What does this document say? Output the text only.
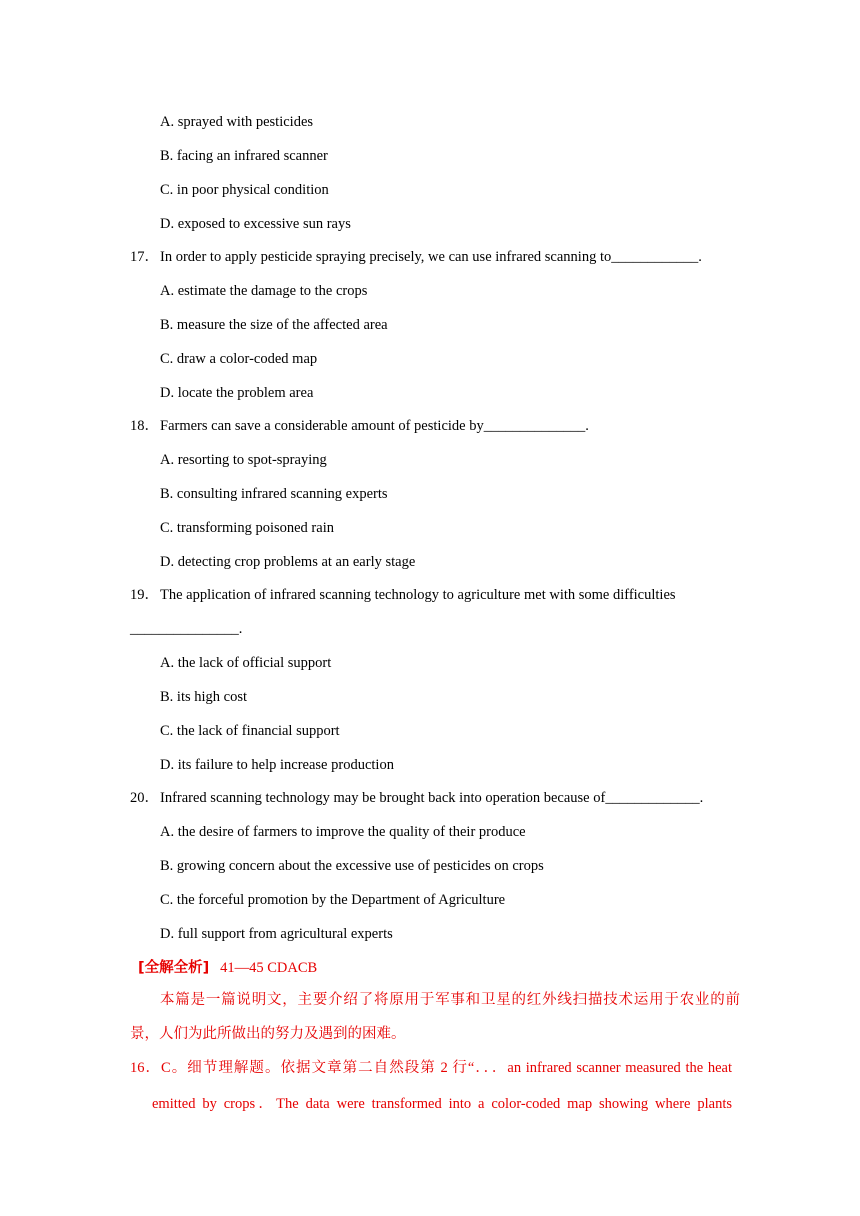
A. sprayed with pesticides
B. facing an infrared scanner
C. in poor physical condition
D. exposed to excessive sun rays
17．In order to apply pesticide spraying precisely, we can use infrared scanning to____________.
A. estimate the damage to the crops
B. measure the size of the affected area
C. draw a color-coded map
D. locate the problem area
18．Farmers can save a considerable amount of pesticide by______________.
A. resorting to spot-spraying
B. consulting infrared scanning experts
C. transforming poisoned rain
D. detecting crop problems at an early stage
19．The application of infrared scanning technology to agriculture met with some difficulties
_______________.
A. the lack of official support
B. its high cost
C. the lack of financial support
D. its failure to help increase production
20．Infrared scanning technology may be brought back into operation because of_____________.
A. the desire of farmers to improve the quality of their produce
B. growing concern about the excessive use of pesticides on crops
C. the forceful promotion by the Department of Agriculture
D. full support from agricultural experts
[全解全析] 41—45 CDACB
本篇是一篇说明文，主要介绍了将原用于军事和卫星的红外线扫描技术运用于农业的前
景，人们为此所做出的努力及遇到的困难。
16．C。细节理解题。依据文章第二自然段第 2 行“．．．an infrared scanner measured the heat
emitted by crops．The data were transformed into a color-coded map showing where plants
